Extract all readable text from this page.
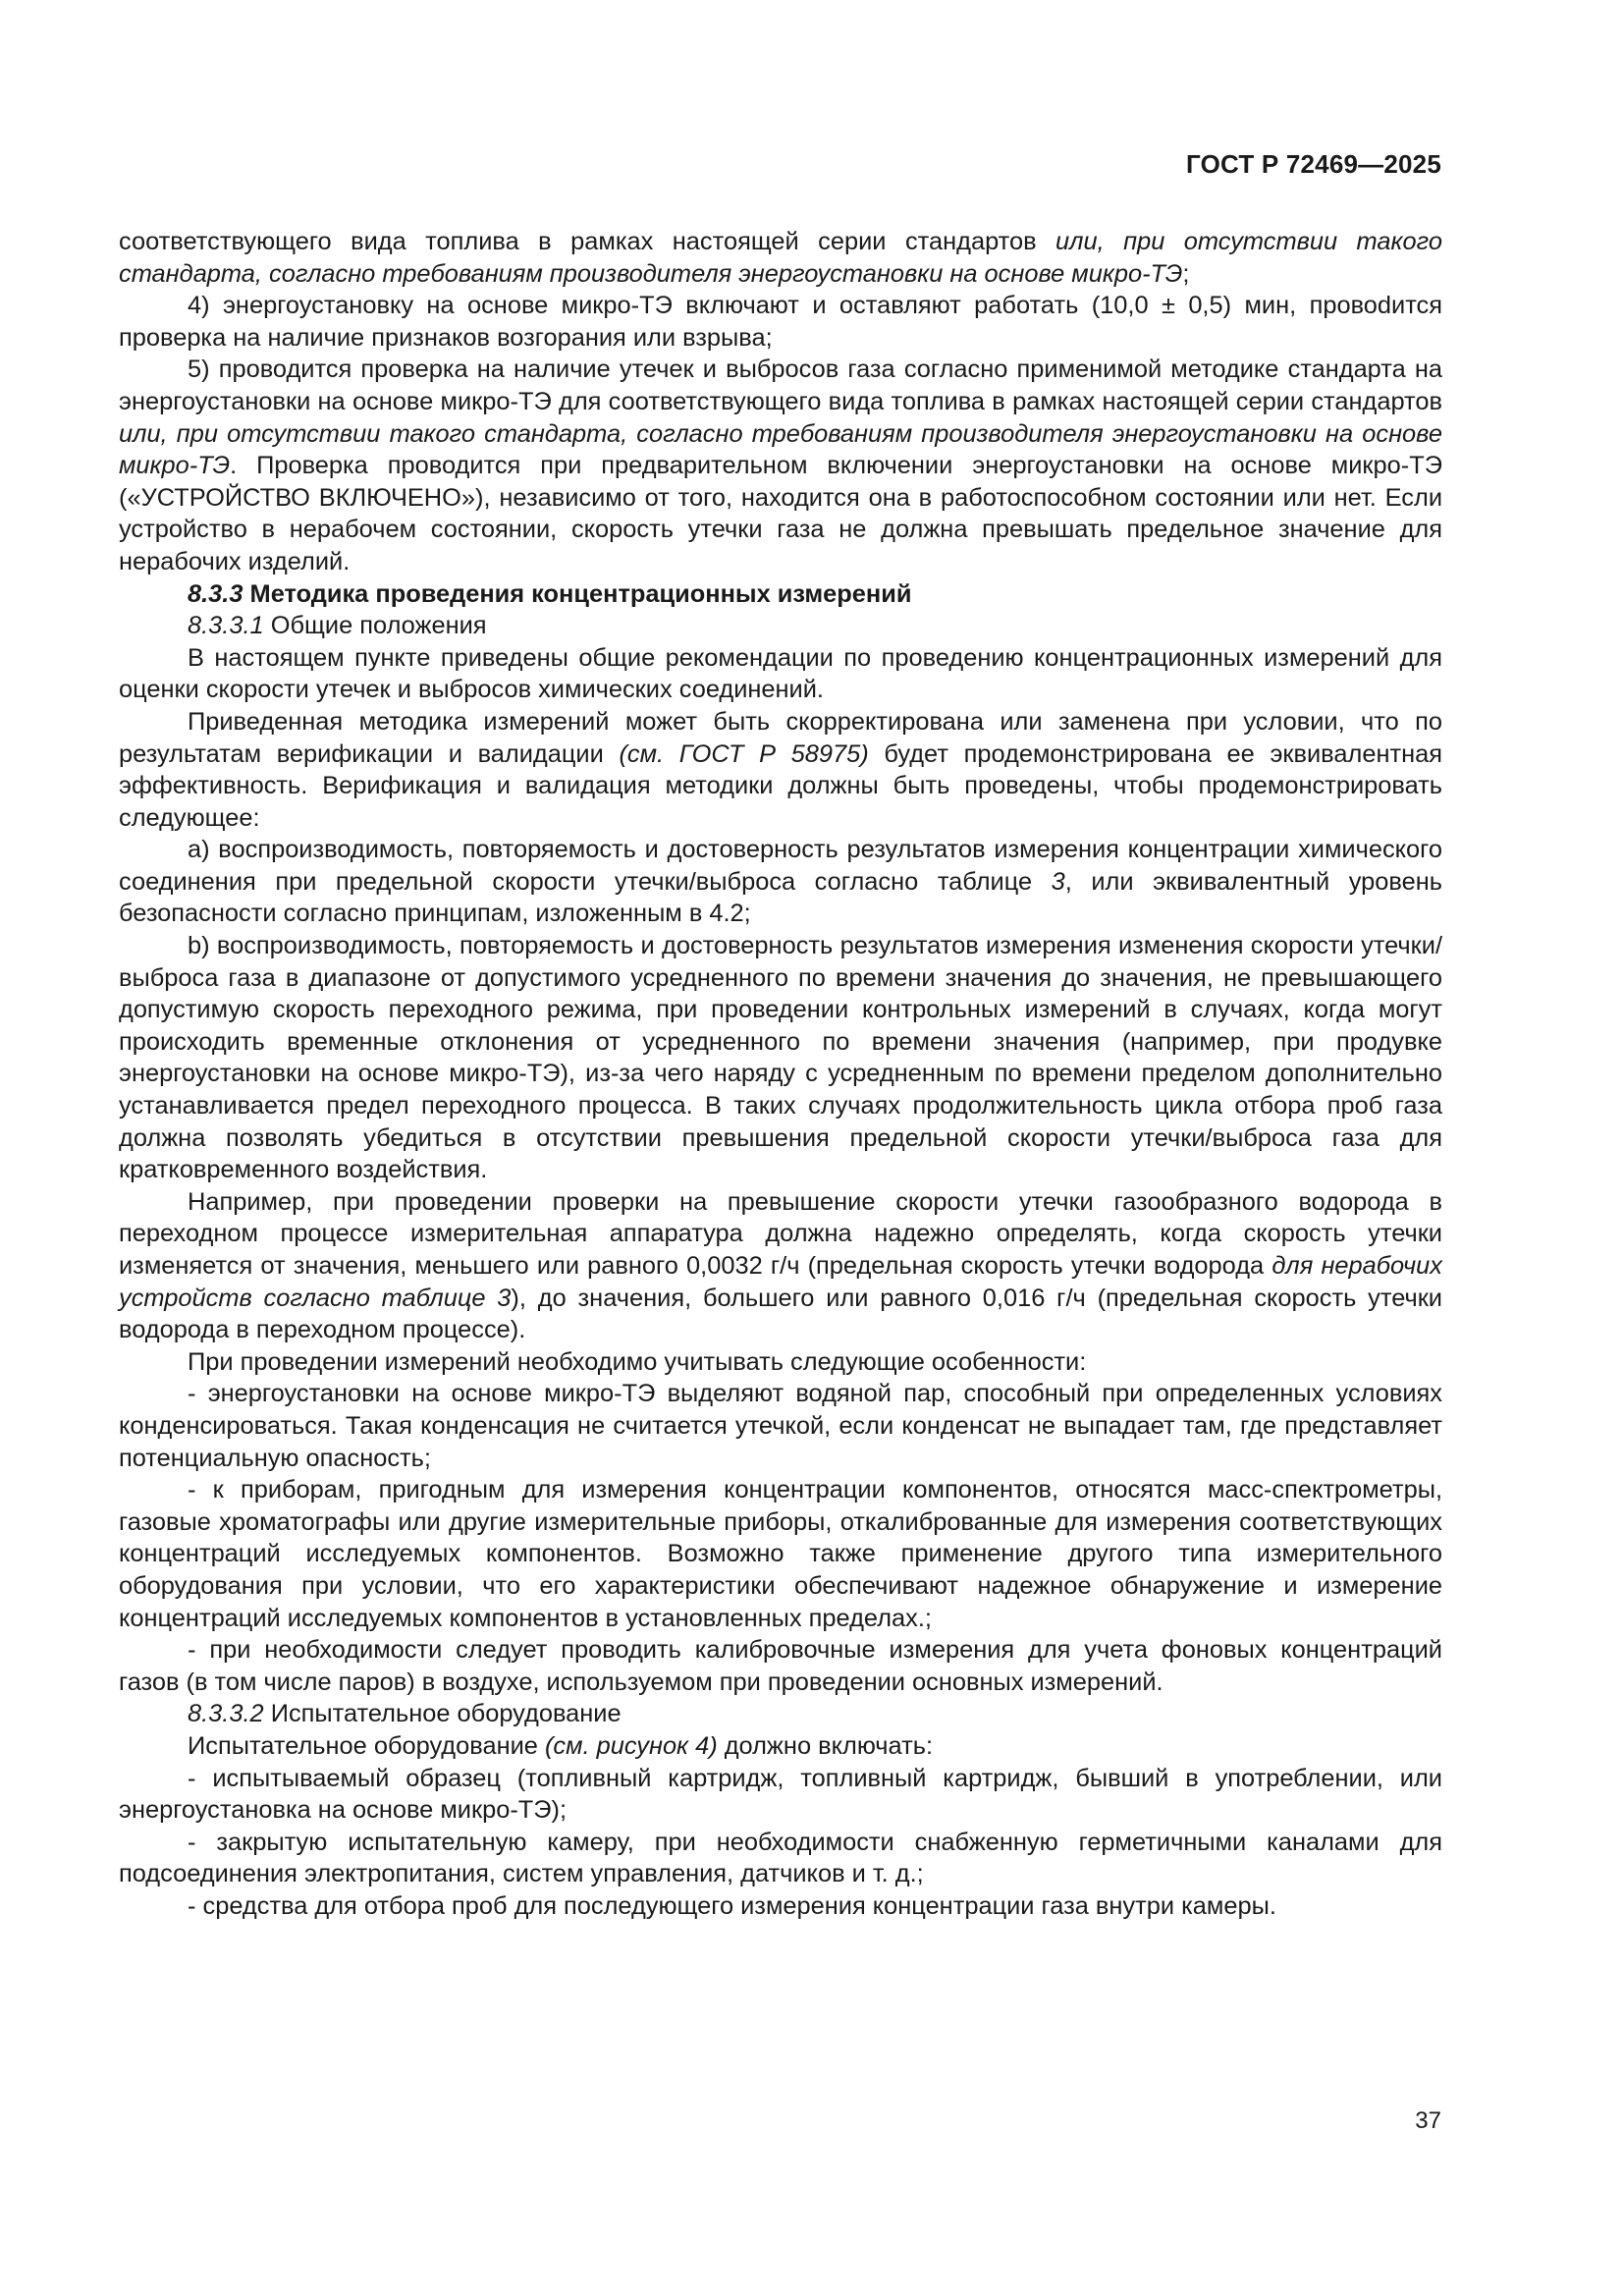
ГОСТ Р 72469—2025

соответствующего вида топлива в рамках настоящей серии стандартов или, при отсутствии такого стандарта, согласно требованиям производителя энергоустановки на основе микро-ТЭ;

4) энергоустановку на основе микро-ТЭ включают и оставляют работать (10,0 ± 0,5) мин, провоdится проверка на наличие признаков возгорания или взрыва;

5) проводится проверка на наличие утечек и выбросов газа согласно применимой методике стандарта на энергоустановки на основе микро-ТЭ для соответствующего вида топлива в рамках настоящей серии стандартов или, при отсутствии такого стандарта, согласно требованиям производителя энергоустановки на основе микро-ТЭ. Проверка проводится при предварительном включении энергоустановки на основе микро-ТЭ («УСТРОЙСТВО ВКЛЮЧЕНО»), независимо от того, находится она в работоспособном состоянии или нет. Если устройство в нерабочем состоянии, скорость утечки газа не должна превышать предельное значение для нерабочих изделий.

8.3.3 Методика проведения концентрационных измерений

8.3.3.1 Общие положения

В настоящем пункте приведены общие рекомендации по проведению концентрационных измерений для оценки скорости утечек и выбросов химических соединений.

Приведенная методика измерений может быть скорректирована или заменена при условии, что по результатам верификации и валидации (см. ГОСТ Р 58975) будет продемонстрирована ее эквивалентная эффективность. Верификация и валидация методики должны быть проведены, чтобы продемонстрировать следующее:

a) воспроизводимость, повторяемость и достоверность результатов измерения концентрации химического соединения при предельной скорости утечки/выброса согласно таблице 3, или эквивалентный уровень безопасности согласно принципам, изложенным в 4.2;

b) воспроизводимость, повторяемость и достоверность результатов измерения изменения скорости утечки/выброса газа в диапазоне от допустимого усредненного по времени значения до значения, не превышающего допустимую скорость переходного режима, при проведении контрольных измерений в случаях, когда могут происходить временные отклонения от усредненного по времени значения (например, при продувке энергоустановки на основе микро-ТЭ), из-за чего наряду с усредненным по времени пределом дополнительно устанавливается предел переходного процесса. В таких случаях продолжительность цикла отбора проб газа должна позволять убедиться в отсутствии превышения предельной скорости утечки/выброса газа для кратковременного воздействия.

Например, при проведении проверки на превышение скорости утечки газообразного водорода в переходном процессе измерительная аппаратура должна надежно определять, когда скорость утечки изменяется от значения, меньшего или равного 0,0032 г/ч (предельная скорость утечки водорода для нерабочих устройств согласно таблице 3), до значения, большего или равного 0,016 г/ч (предельная скорость утечки водорода в переходном процессе).

При проведении измерений необходимо учитывать следующие особенности:

- энергоустановки на основе микро-ТЭ выделяют водяной пар, способный при определенных условиях конденсироваться. Такая конденсация не считается утечкой, если конденсат не выпадает там, где представляет потенциальную опасность;

- к приборам, пригодным для измерения концентрации компонентов, относятся масс-спектрометры, газовые хроматографы или другие измерительные приборы, откалиброванные для измерения соответствующих концентраций исследуемых компонентов. Возможно также применение другого типа измерительного оборудования при условии, что его характеристики обеспечивают надежное обнаружение и измерение концентраций исследуемых компонентов в установленных пределах.;

- при необходимости следует проводить калибровочные измерения для учета фоновых концентраций газов (в том числе паров) в воздухе, используемом при проведении основных измерений.

8.3.3.2 Испытательное оборудование

Испытательное оборудование (см. рисунок 4) должно включать:

- испытываемый образец (топливный картридж, топливный картридж, бывший в употреблении, или энергоустановка на основе микро-ТЭ);

- закрытую испытательную камеру, при необходимости снабженную герметичными каналами для подсоединения электропитания, систем управления, датчиков и т. д.;

- средства для отбора проб для последующего измерения концентрации газа внутри камеры.

37
